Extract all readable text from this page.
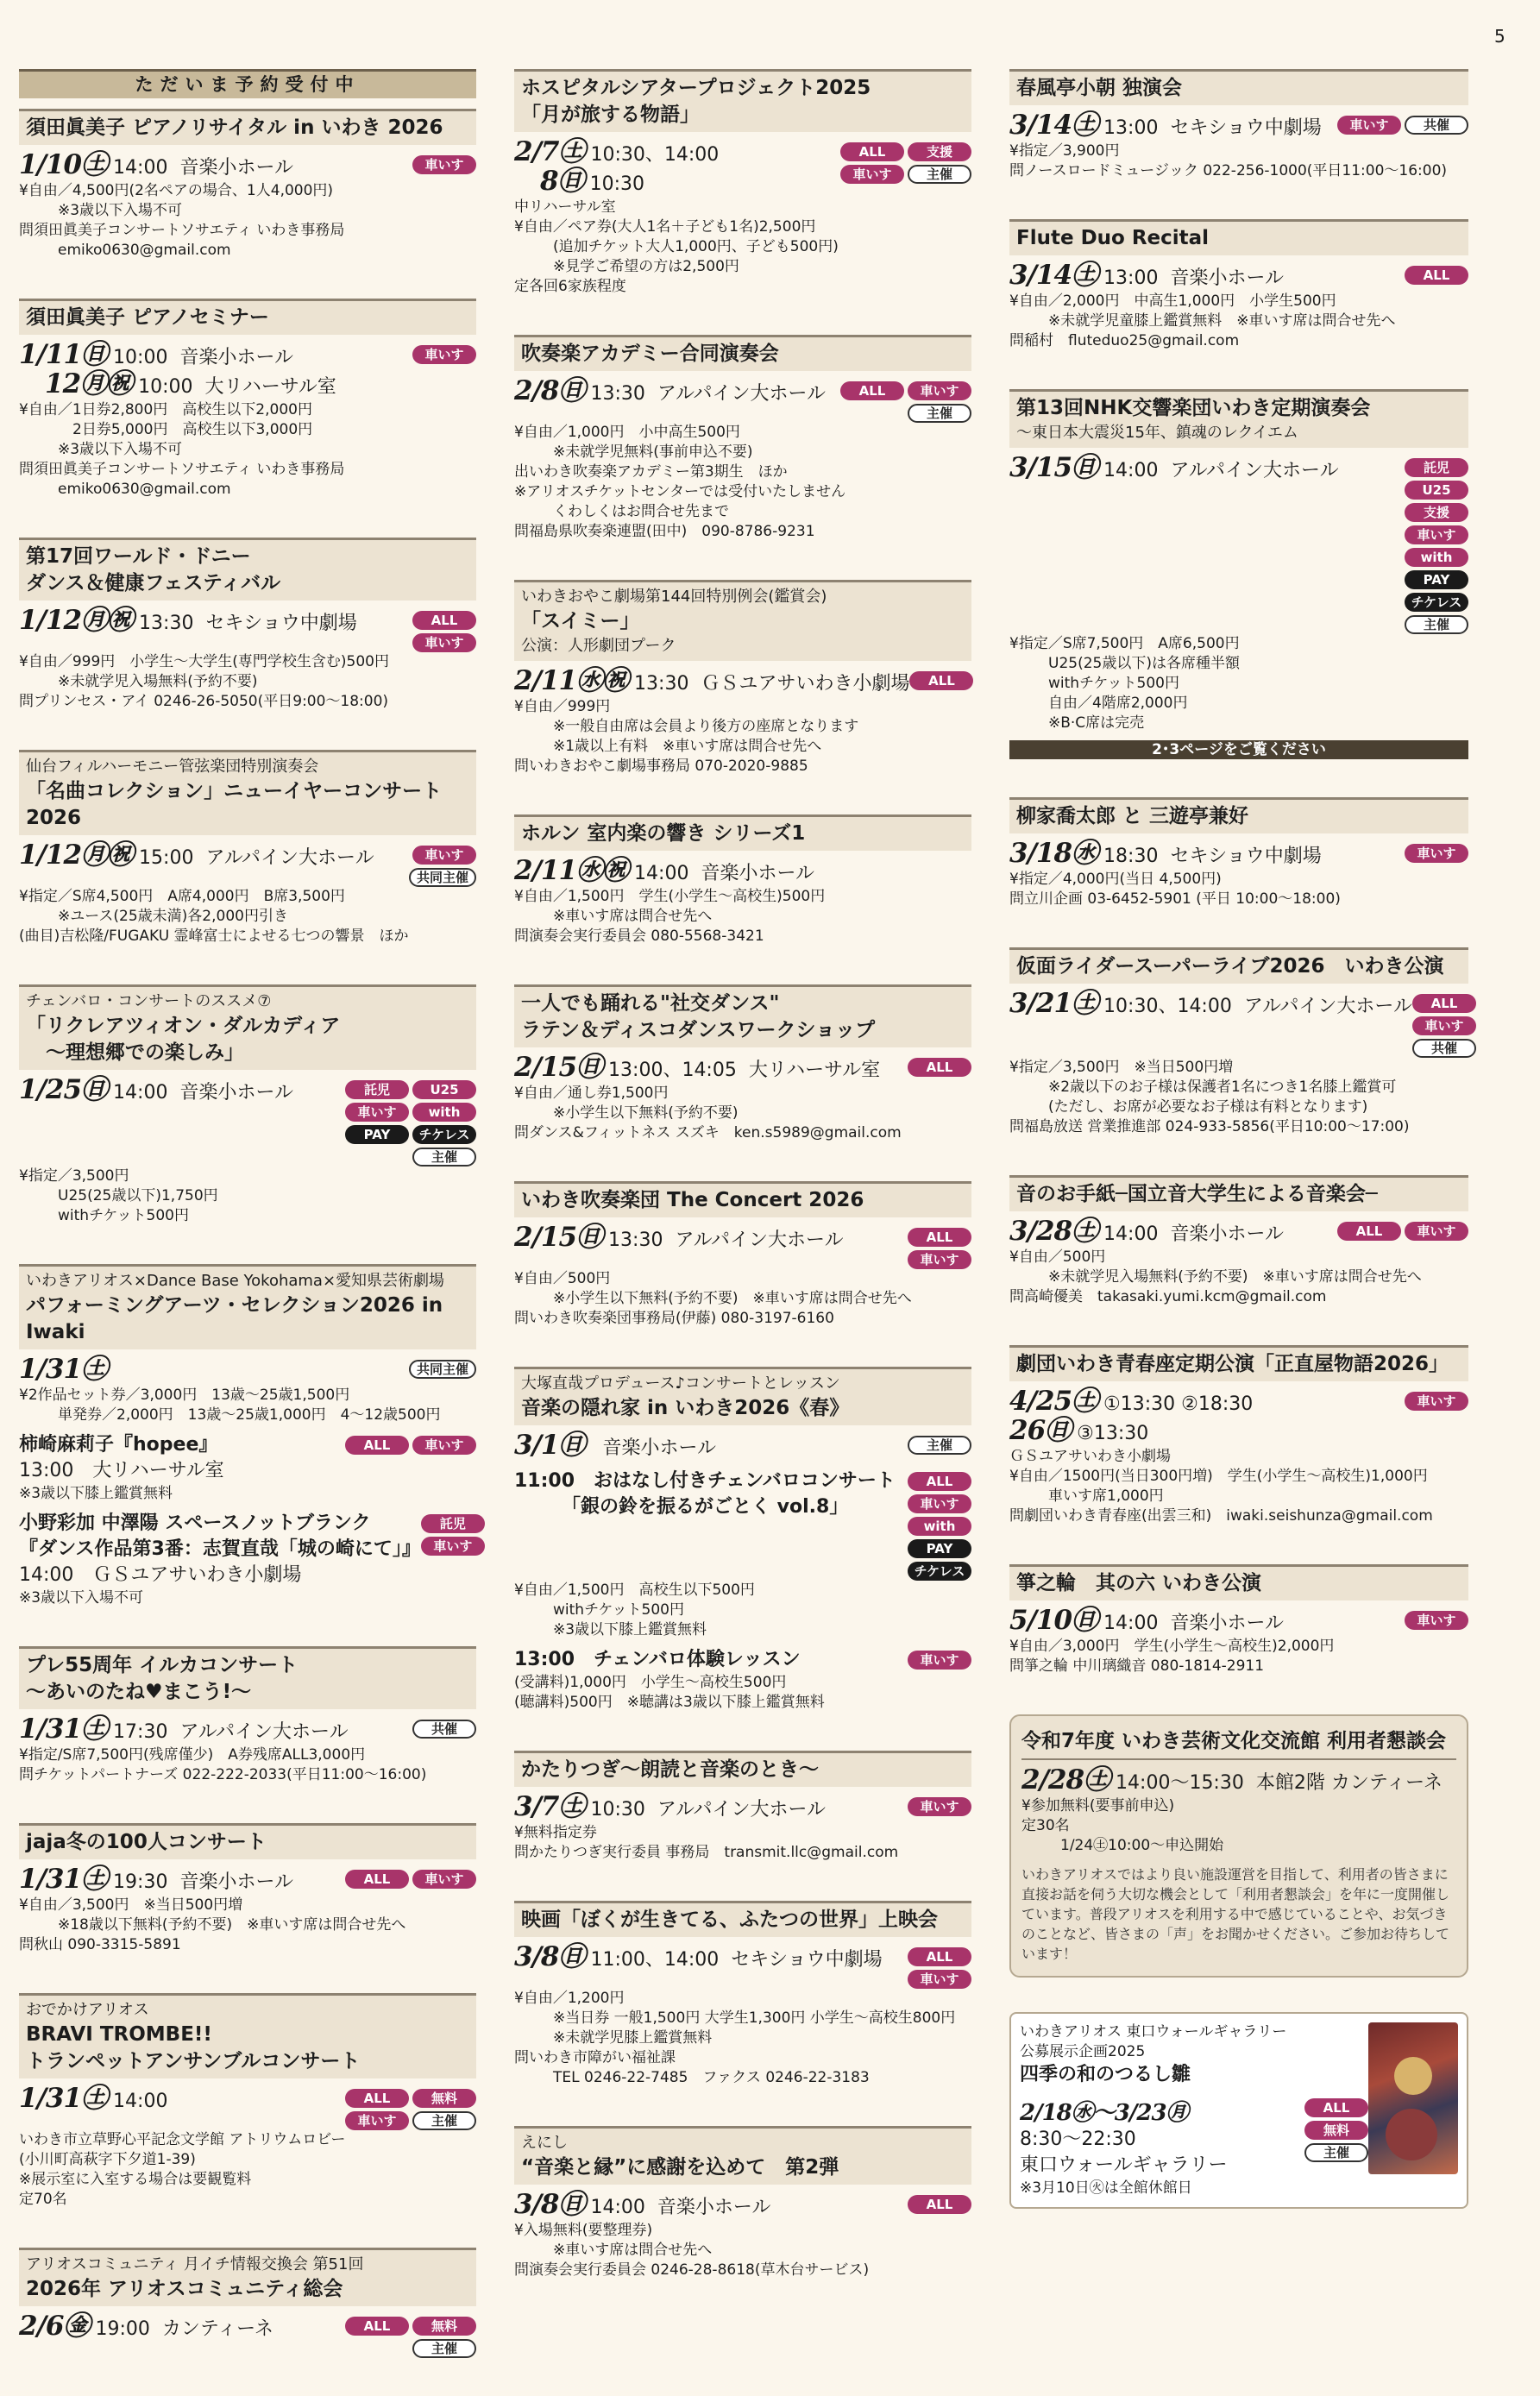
5
ただいま予約受付中
須田眞美子 ピアノリサイタル in いわき 2026
1/10㊏ 14:00 音楽小ホール	車いす
¥自由／4,500円(2名ペアの場合、1人4,000円)
　※3歳以下入場不可
問須田眞美子コンサートソサエティ いわき事務局
　emiko0630@gmail.com
須田眞美子 ピアノセミナー
1/11㊐ 10:00 音楽小ホール
　12㊊㊗ 10:00 大リハーサル室
車いす
¥自由／1日券2,800円　高校生以下2,000円
　　2日券5,000円　高校生以下3,000円
　※3歳以下入場不可
問須田眞美子コンサートソサエティ いわき事務局
　emiko0630@gmail.com
第17回ワールド・ドニー
ダンス＆健康フェスティバル
1/12㊊㊗ 13:30 セキショウ中劇場	ALL
車いす
¥自由／999円　小学生～大学生(専門学校生含む)500円
　※未就学児入場無料(予約不要)
問プリンセス・アイ 0246-26-5050(平日9:00～18:00)
仙台フィルハーモニー管弦楽団特別演奏会
「名曲コレクション」ニューイヤーコンサート2026
1/12㊊㊗ 15:00 アルパイン大ホール	車いす
共同主催
¥指定／S席4,500円　A席4,000円　B席3,500円
　※ユース(25歳未満)各2,000円引き
(曲目)吉松隆/FUGAKU 霊峰富士によせる七つの響景　ほか
チェンバロ・コンサートのススメ⑦
「リクレアツィオン・ダルカディア
　～理想郷での楽しみ」
1/25㊐ 14:00 音楽小ホール	託児	U25
車いす	with
PAY	チケレス
主催
¥指定／3,500円
　U25(25歳以下)1,750円
　withチケット500円
いわきアリオス×Dance Base Yokohama×愛知県芸術劇場
パフォーミングアーツ・セレクション2026 in Iwaki
1/31㊏	共同主催
¥2作品セット券／3,000円　13歳～25歳1,500円
　単発券／2,000円　13歳～25歳1,000円　4～12歳500円
柿崎麻莉子『hopee』
13:00　大リハーサル室
ALL	車いす
※3歳以下膝上鑑賞無料
小野彩加 中澤陽 スペースノットブランク
『ダンス作品第3番：志賀直哉「城の崎にて」』
14:00　ＧＳユアサいわき小劇場
託児
車いす
※3歳以下入場不可
プレ55周年 イルカコンサート
～あいのたね♥まこう!～
1/31㊏ 17:30 アルパイン大ホール	共催
¥指定/S席7,500円(残席僅少)　A券残席ALL3,000円
問チケットパートナーズ 022-222-2033(平日11:00～16:00)
jaja冬の100人コンサート
1/31㊏ 19:30 音楽小ホール	ALL	車いす
¥自由／3,500円　※当日500円増
　※18歳以下無料(予約不要)　※車いす席は問合せ先へ
問秋山 090-3315-5891
おでかけアリオス
BRAVI TROMBE!!
トランペットアンサンブルコンサート
1/31㊏ 14:00	ALL	無料
車いす	主催
いわき市立草野心平記念文学館 アトリウムロビー
(小川町高萩字下夕道1-39)
※展示室に入室する場合は要観覧料
定70名
アリオスコミュニティ 月イチ情報交換会 第51回
2026年 アリオスコミュニティ総会
2/6㊎ 19:00 カンティーネ	ALL	無料
主催
ホスピタルシアタープロジェクト2025
「月が旅する物語」
2/7㊏ 10:30、14:00
　8㊐ 10:30
ALL	支援
車いす	主催
中リハーサル室
¥自由／ペア券(大人1名＋子ども1名)2,500円
　(追加チケット大人1,000円、子ども500円)
　※見学ご希望の方は2,500円
定各回6家族程度
吹奏楽アカデミー合同演奏会
2/8㊐ 13:30 アルパイン大ホール	ALL	車いす
主催
¥自由／1,000円　小中高生500円
　※未就学児無料(事前申込不要)
出いわき吹奏楽アカデミー第3期生　ほか
※アリオスチケットセンターでは受付いたしません
　くわしくはお問合せ先まで
問福島県吹奏楽連盟(田中)　090-8786-9231
いわきおやこ劇場第144回特別例会(鑑賞会)
「スイミー」
公演：人形劇団プーク
2/11㊌㊗ 13:30 ＧＳユアサいわき小劇場	ALL
¥自由／999円
　※一般自由席は会員より後方の座席となります
　※1歳以上有料　※車いす席は問合せ先へ
問いわきおやこ劇場事務局 070-2020-9885
ホルン 室内楽の響き シリーズ1
2/11㊌㊗ 14:00 音楽小ホール
¥自由／1,500円　学生(小学生～高校生)500円
　※車いす席は問合せ先へ
問演奏会実行委員会 080-5568-3421
一人でも踊れる"社交ダンス"
ラテン＆ディスコダンスワークショップ
2/15㊐ 13:00、14:05 大リハーサル室	ALL
¥自由／通し券1,500円
　※小学生以下無料(予約不要)
問ダンス&フィットネス スズキ　ken.s5989@gmail.com
いわき吹奏楽団 The Concert 2026
2/15㊐ 13:30 アルパイン大ホール	ALL
車いす
¥自由／500円
　※小学生以下無料(予約不要)　※車いす席は問合せ先へ
問いわき吹奏楽団事務局(伊藤) 080-3197-6160
大塚直哉プロデュース♪コンサートとレッスン
音楽の隠れ家 in いわき2026《春》
3/1㊐ 音楽小ホール	主催
11:00　おはなし付きチェンバロコンサート
　　　「銀の鈴を振るがごとく vol.8」
ALL
車いす
with
PAY
チケレス
¥自由／1,500円　高校生以下500円
　withチケット500円
　※3歳以下膝上鑑賞無料
13:00　チェンバロ体験レッスン	車いす
(受講料)1,000円　小学生～高校生500円
(聴講料)500円　※聴講は3歳以下膝上鑑賞無料
かたりつぎ～朗読と音楽のとき～
3/7㊏ 10:30 アルパイン大ホール	車いす
¥無料指定券
問かたりつぎ実行委員 事務局　transmit.llc@gmail.com
映画「ぼくが生きてる、ふたつの世界」上映会
3/8㊐ 11:00、14:00 セキショウ中劇場	ALL
車いす
¥自由／1,200円
　※当日券 一般1,500円 大学生1,300円 小学生～高校生800円
　※未就学児膝上鑑賞無料
問いわき市障がい福祉課
　TEL 0246-22-7485　ファクス 0246-22-3183
えにし
“音楽と縁”に感謝を込めて　第2弾
3/8㊐ 14:00 音楽小ホール	ALL
¥入場無料(要整理券)
　※車いす席は問合せ先へ
問演奏会実行委員会 0246-28-8618(草木台サービス)
春風亭小朝 独演会
3/14㊏ 13:00 セキショウ中劇場	車いす	共催
¥指定／3,900円
問ノースロードミュージック 022-256-1000(平日11:00～16:00)
Flute Duo Recital
3/14㊏ 13:00 音楽小ホール	ALL
¥自由／2,000円　中高生1,000円　小学生500円
　※未就学児童膝上鑑賞無料　※車いす席は問合せ先へ
問稲村　fluteduo25@gmail.com
第13回NHK交響楽団いわき定期演奏会
～東日本大震災15年、鎮魂のレクイエム
3/15㊐ 14:00 アルパイン大ホール	託児
U25
支援
車いす
with
PAY
チケレス
主催
¥指定／S席7,500円　A席6,500円
　U25(25歳以下)は各席種半額
　withチケット500円
　自由／4階席2,000円
　※B·C席は完売
2･3ページをご覧ください
柳家喬太郎 と 三遊亭兼好
3/18㊌ 18:30 セキショウ中劇場	車いす
¥指定／4,000円(当日 4,500円)
問立川企画 03-6452-5901 (平日 10:00～18:00)
仮面ライダースーパーライブ2026　いわき公演
3/21㊏ 10:30、14:00 アルパイン大ホール	ALL
車いす
共催
¥指定／3,500円　※当日500円増
　※2歳以下のお子様は保護者1名につき1名膝上鑑賞可
　(ただし、お席が必要なお子様は有料となります)
問福島放送 営業推進部 024-933-5856(平日10:00～17:00)
音のお手紙─国立音大学生による音楽会─
3/28㊏ 14:00 音楽小ホール	ALL	車いす
¥自由／500円
　※未就学児入場無料(予約不要)　※車いす席は問合せ先へ
問高崎優美　takasaki.yumi.kcm@gmail.com
劇団いわき青春座定期公演「正直屋物語2026」
4/25㊏ ①13:30 ②18:30
26㊐ ③13:30
車いす
ＧＳユアサいわき小劇場
¥自由／1500円(当日300円増)　学生(小学生～高校生)1,000円
　車いす席1,000円
問劇団いわき青春座(出雲三和)　iwaki.seishunza@gmail.com
箏之輪　其の六 いわき公演
5/10㊐ 14:00 音楽小ホール	車いす
¥自由／3,000円　学生(小学生～高校生)2,000円
問箏之輪 中川璃織音 080-1814-2911
令和7年度 いわき芸術文化交流館 利用者懇談会
2/28㊏ 14:00～15:30 本館2階 カンティーネ
¥参加無料(要事前申込)
定30名
　1/24㊏10:00～申込開始
いわきアリオスではより良い施設運営を目指して、利用者の皆さまに直接お話を伺う大切な機会として「利用者懇談会」を年に一度開催しています。普段アリオスを利用する中で感じていることや、お気づきのことなど、皆さまの「声」をお聞かせください。ご参加お待ちしています！
いわきアリオス 東口ウォールギャラリー
公募展示企画2025
四季の和のつるし雛
2/18㊌～3/23㊊
8:30～22:30
東口ウォールギャラリー
ALL
無料
主催
※3月10日㊋は全館休館日
